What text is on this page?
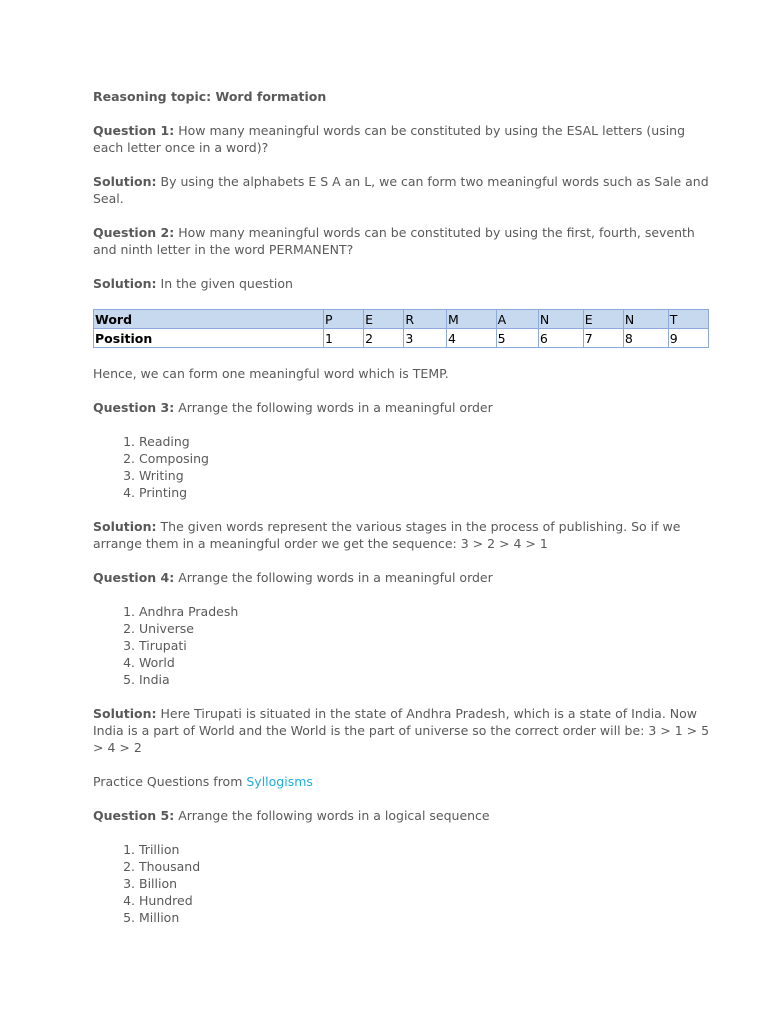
Reasoning topic: Word formation

Question 1: How many meaningful words can be constituted by using the ESAL letters (using each letter once in a word)?

Solution: By using the alphabets E S A an L, we can form two meaningful words such as Sale and Seal.

Question 2: How many meaningful words can be constituted by using the first, fourth, seventh and ninth letter in the word PERMANENT?

Solution: In the given question

Word	P	E	R	M	A	N	E	N	T
Position	1	2	3	4	5	6	7	8	9

Hence, we can form one meaningful word which is TEMP.

Question 3: Arrange the following words in a meaningful order

1. Reading
2. Composing
3. Writing
4. Printing

Solution: The given words represent the various stages in the process of publishing. So if we arrange them in a meaningful order we get the sequence: 3 > 2 > 4 > 1

Question 4: Arrange the following words in a meaningful order

1. Andhra Pradesh
2. Universe
3. Tirupati
4. World
5. India

Solution: Here Tirupati is situated in the state of Andhra Pradesh, which is a state of India. Now India is a part of World and the World is the part of universe so the correct order will be: 3 > 1 > 5 > 4 > 2

Practice Questions from Syllogisms

Question 5: Arrange the following words in a logical sequence

1. Trillion
2. Thousand
3. Billion
4. Hundred
5. Million
